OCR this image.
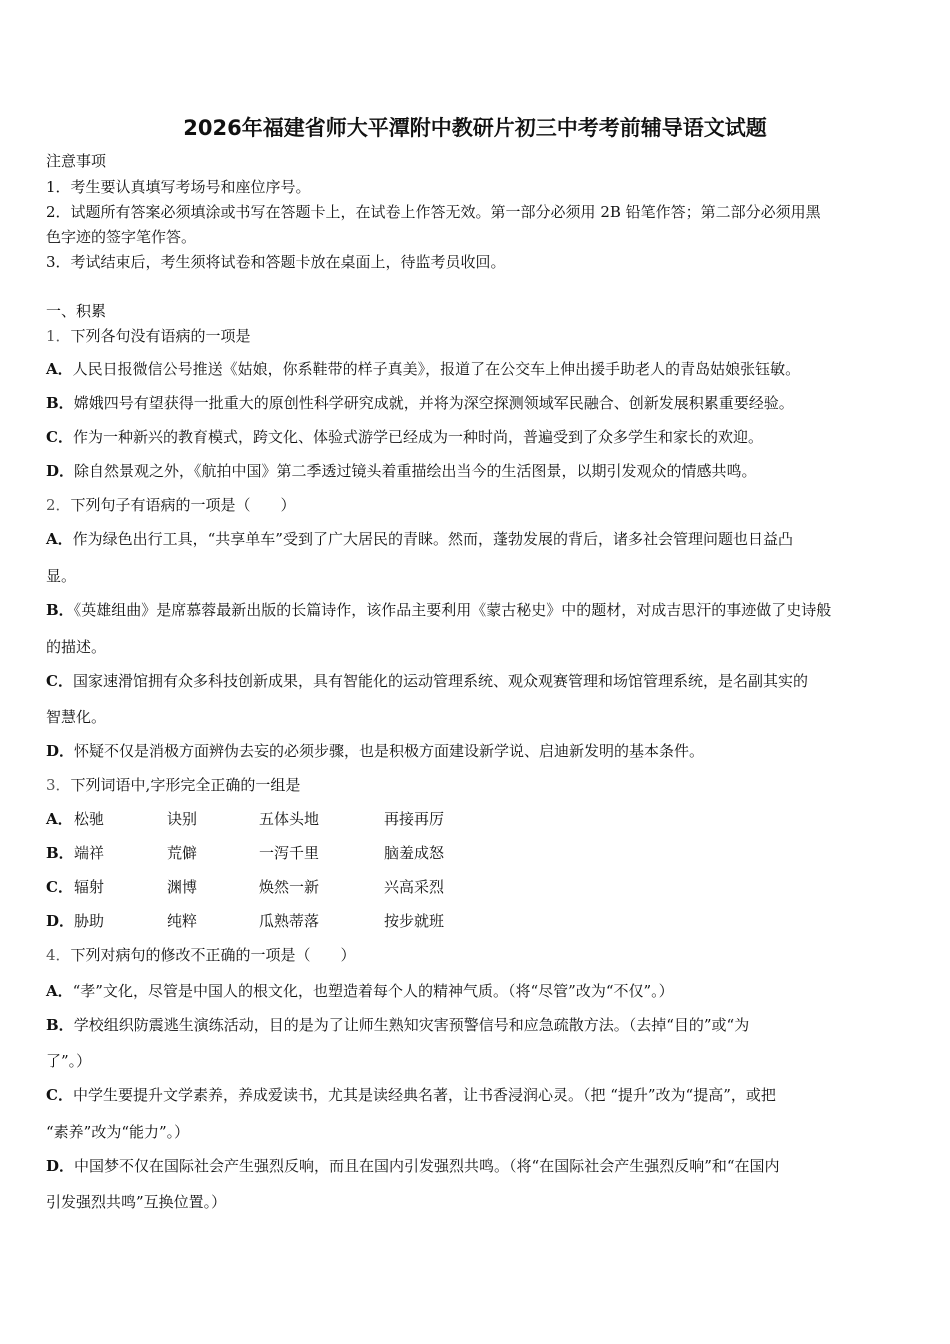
2026年福建省师大平潭附中教研片初三中考考前辅导语文试题
注意事项
1．考生要认真填写考场号和座位序号。
2．试题所有答案必须填涂或书写在答题卡上，在试卷上作答无效。第一部分必须用 2B 铅笔作答；第二部分必须用黑
色字迹的签字笔作答。
3．考试结束后，考生须将试卷和答题卡放在桌面上，待监考员收回。
一、积累
1．下列各句没有语病的一项是
A．人民日报微信公号推送《姑娘，你系鞋带的样子真美》，报道了在公交车上伸出援手助老人的青岛姑娘张钰敏。
B．嫦娥四号有望获得一批重大的原创性科学研究成就，并将为深空探测领域军民融合、创新发展积累重要经验。
C．作为一种新兴的教育模式，跨文化、体验式游学已经成为一种时尚，普遍受到了众多学生和家长的欢迎。
D．除自然景观之外，《航拍中国》第二季透过镜头着重描绘出当今的生活图景，以期引发观众的情感共鸣。
2．下列句子有语病的一项是（　　）
A．作为绿色出行工具，“共享单车”受到了广大居民的青睐。然而，蓬勃发展的背后，诸多社会管理问题也日益凸
显。
B．《英雄组曲》是席慕蓉最新出版的长篇诗作，该作品主要利用《蒙古秘史》中的题材，对成吉思汗的事迹做了史诗般
的描述。
C．国家速滑馆拥有众多科技创新成果，具有智能化的运动管理系统、观众观赛管理和场馆管理系统，是名副其实的
智慧化。
D．怀疑不仅是消极方面辨伪去妄的必须步骤，也是积极方面建设新学说、启迪新发明的基本条件。
3．下列词语中,字形完全正确的一组是
A． 松驰	诀别	五体头地	再接再厉
B． 端祥	荒僻	一泻千里	脑羞成怒
C． 辐射	渊博	焕然一新	兴高采烈
D． 胁助	纯粹	瓜熟蒂落	按步就班
4．下列对病句的修改不正确的一项是（　　）
A．“孝”文化，尽管是中国人的根文化，也塑造着每个人的精神气质。（将“尽管”改为“不仅”。）
B．学校组织防震逃生演练活动，目的是为了让师生熟知灾害预警信号和应急疏散方法。（去掉“目的”或“为
了”。）
C．中学生要提升文学素养，养成爱读书，尤其是读经典名著，让书香浸润心灵。（把 “提升”改为“提高”，或把
“素养”改为“能力”。）
D．中国梦不仅在国际社会产生强烈反响，而且在国内引发强烈共鸣。（将“在国际社会产生强烈反响”和“在国内
引发强烈共鸣”互换位置。）
